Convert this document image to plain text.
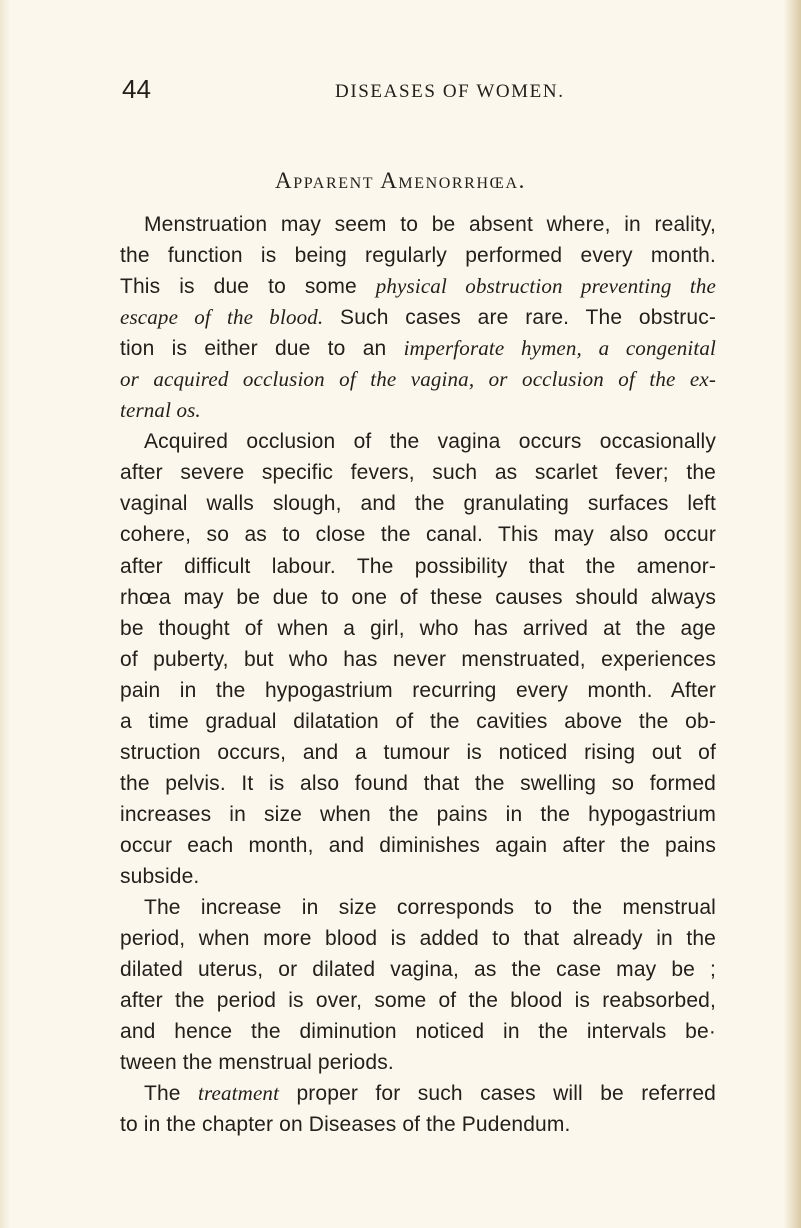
44	DISEASES OF WOMEN.
Apparent Amenorrhœa.
Menstruation may seem to be absent where, in reality,
the function is being regularly performed every month.
This is due to some physical obstruction preventing the
escape of the blood. Such cases are rare. The obstruc-
tion is either due to an imperforate hymen, a congenital
or acquired occlusion of the vagina, or occlusion of the ex-
ternal os.
Acquired occlusion of the vagina occurs occasionally
after severe specific fevers, such as scarlet fever; the
vaginal walls slough, and the granulating surfaces left
cohere, so as to close the canal. This may also occur
after difficult labour. The possibility that the amenor-
rhœa may be due to one of these causes should always
be thought of when a girl, who has arrived at the age
of puberty, but who has never menstruated, experiences
pain in the hypogastrium recurring every month. After
a time gradual dilatation of the cavities above the ob-
struction occurs, and a tumour is noticed rising out of
the pelvis. It is also found that the swelling so formed
increases in size when the pains in the hypogastrium
occur each month, and diminishes again after the pains
subside.
The increase in size corresponds to the menstrual
period, when more blood is added to that already in the
dilated uterus, or dilated vagina, as the case may be ;
after the period is over, some of the blood is reabsorbed,
and hence the diminution noticed in the intervals be·
tween the menstrual periods.
The treatment proper for such cases will be referred
to in the chapter on Diseases of the Pudendum.
